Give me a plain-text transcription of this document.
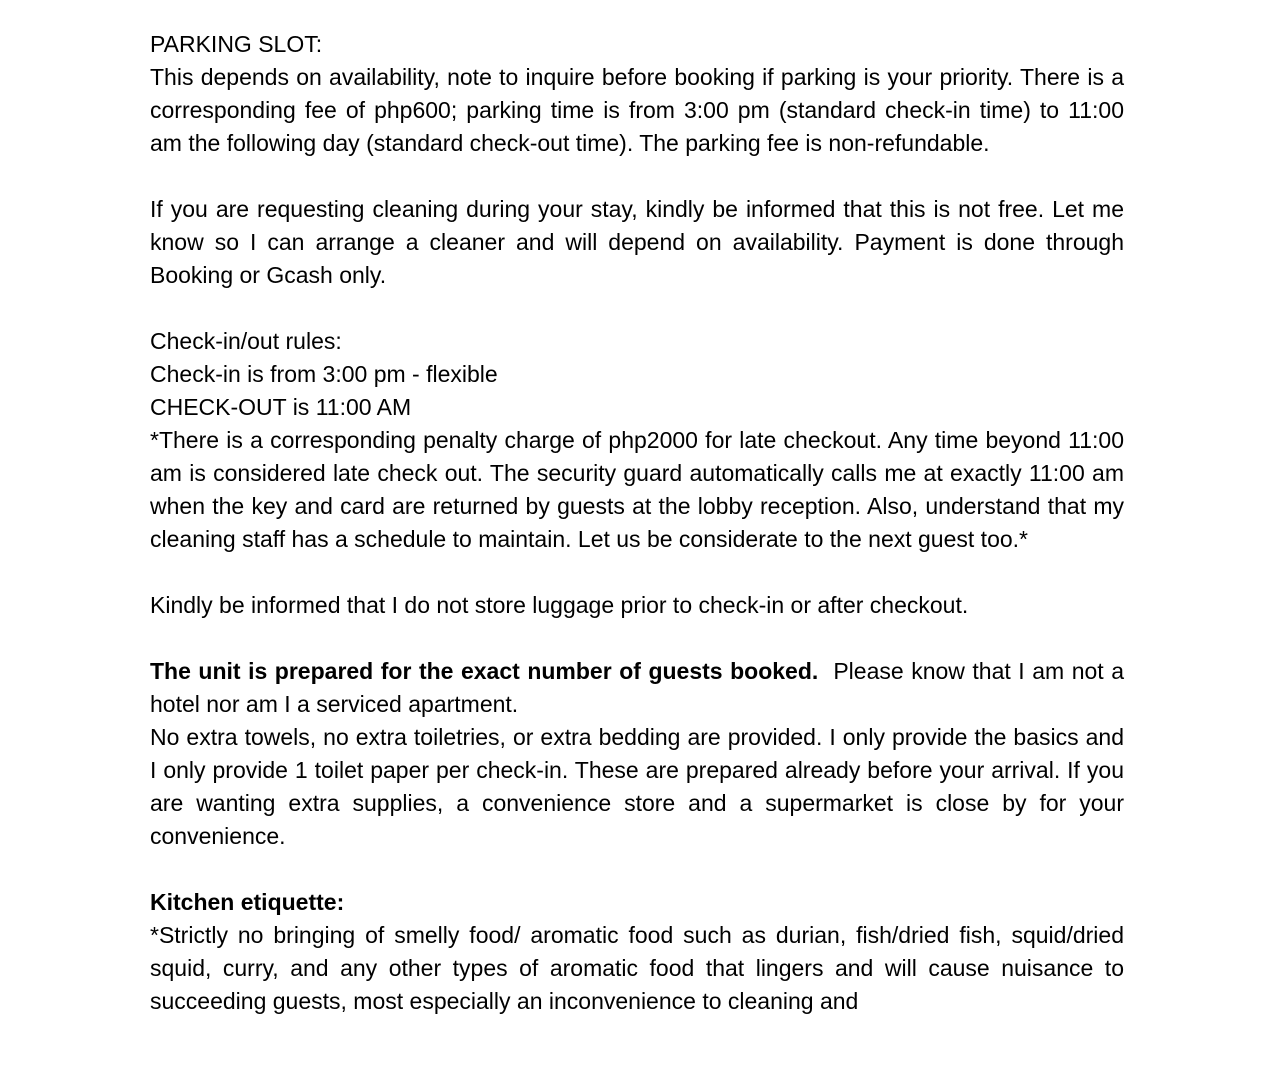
PARKING SLOT:

This depends on availability, note to inquire before booking if parking is your priority. There is a corresponding fee of php600; parking time is from 3:00 pm (standard check-in time) to 11:00 am the following day (standard check-out time). The parking fee is non-refundable.

If you are requesting cleaning during your stay, kindly be informed that this is not free. Let me know so I can arrange a cleaner and will depend on availability. Payment is done through Booking or Gcash only.

Check-in/out rules:
Check-in is from 3:00 pm - flexible
CHECK-OUT is 11:00 AM

*There is a corresponding penalty charge of php2000 for late checkout. Any time beyond 11:00 am is considered late check out. The security guard automatically calls me at exactly 11:00 am when the key and card are returned by guests at the lobby reception. Also, understand that my cleaning staff has a schedule to maintain. Let us be considerate to the next guest too.*

Kindly be informed that I do not store luggage prior to check-in or after checkout.

The unit is prepared for the exact number of guests booked.  Please know that I am not a hotel nor am I a serviced apartment.

No extra towels, no extra toiletries, or extra bedding are provided. I only provide the basics and I only provide 1 toilet paper per check-in. These are prepared already before your arrival. If you are wanting extra supplies, a convenience store and a supermarket is close by for your convenience.

Kitchen etiquette:

*Strictly no bringing of smelly food/ aromatic food such as durian, fish/dried fish, squid/dried squid, curry, and any other types of aromatic food that lingers and will cause nuisance to succeeding guests, most especially an inconvenience to cleaning and
